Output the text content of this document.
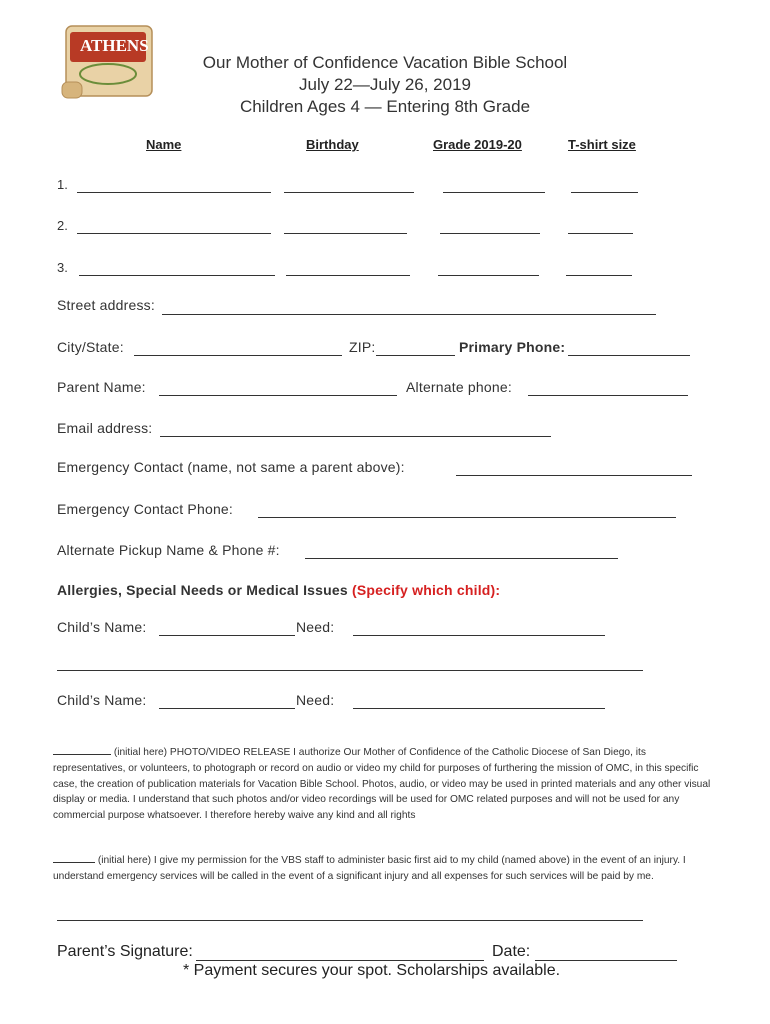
ATHENS
Our Mother of Confidence Vacation Bible School
July 22—July 26, 2019
Children Ages 4 — Entering 8th Grade
Name	Birthday	Grade 2019-20	T-shirt size
1.
2.
3.
Street address:
City/State:	ZIP:	Primary Phone:
Parent Name:	Alternate phone:
Email address:
Emergency Contact (name, not same a parent above):
Emergency Contact Phone:
Alternate Pickup Name & Phone #:
Allergies, Special Needs or Medical Issues (Specify which child):
Child’s Name:	Need:
Child’s Name:	Need:
(initial here) PHOTO/VIDEO RELEASE I authorize Our Mother of Confidence of the Catholic Diocese of San Diego, its representatives, or volunteers, to photograph or record on audio or video my child for purposes of furthering the mission of OMC, in this specific case, the creation of publication materials for Vacation Bible School. Photos, audio, or video may be used in printed materials and any other visual display or media. I understand that such photos and/or video recordings will be used for OMC related purposes and will not be used for any commercial purpose whatsoever. I therefore hereby waive any kind and all rights
(initial here) I give my permission for the VBS staff to administer basic first aid to my child (named above) in the event of an injury. I understand emergency services will be called in the event of a significant injury and all expenses for such services will be paid by me.
Parent’s Signature:	Date:
* Payment secures your spot. Scholarships available.
